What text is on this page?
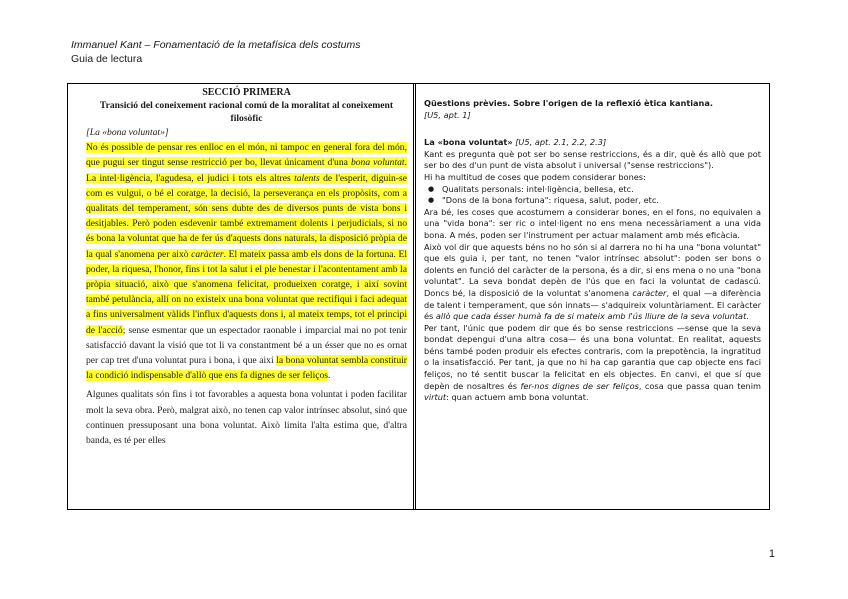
Immanuel Kant – Fonamentació de la metafísica dels costums
Guia de lectura
SECCIÓ PRIMERA
Transició del coneixement racional comú de la moralitat al coneixement filosòfic
[La «bona voluntat»]

No és possible de pensar res enlloc en el món, ni tampoc en general fora del món, que pugui ser tingut sense restricció per bo, llevat únicament d'una bona voluntat. La intel·ligència, l'agudesa, el judici i tots els altres talents de l'esperit, diguin-se com es vulgui, o bé el coratge, la decisió, la perseverança en els propòsits, com a qualitats del temperament, són sens dubte des de diversos punts de vista bons i desitjables. Però poden esdevenir també extremament dolents i perjudicials, si no és bona la voluntat que ha de fer ús d'aquests dons naturals, la disposició pròpia de la qual s'anomena per això caràcter. El mateix passa amb els dons de la fortuna. El poder, la riquesa, l'honor, fins i tot la salut i el ple benestar i l'acontentament amb la pròpia situació, això que s'anomena felicitat, produeixen coratge, i així sovint també petulància, allí on no existeix una bona voluntat que rectifiqui i faci adequat a fins universalment vàlids l'influx d'aquests dons i, al mateix temps, tot el principi de l'acció; sense esmentar que un espectador raonable i imparcial mai no pot tenir satisfacció davant la visió que tot li va constantment bé a un ésser que no es ornat per cap tret d'una voluntat pura i bona, i que així la bona voluntat sembla constituir la condició indispensable d'allò que ens fa dignes de ser feliços.

Algunes qualitats són fins i tot favorables a aquesta bona voluntat i poden facilitar molt la seva obra. Però, malgrat això, no tenen cap valor intrínsec absolut, sinó que continuen pressuposant una bona voluntat. Això limita l'alta estima que, d'altra banda, es té per elles

Qüestions prèvies. Sobre l'origen de la reflexió ètica kantiana.

[U5, apt. 1]

La «bona voluntat» [U5, apt. 2.1, 2.2, 2.3]

Kant es pregunta què pot ser bo sense restriccions, és a dir, què és allò que pot ser bo des d'un punt de vista absolut i universal ("sense restriccions").

Hi ha multitud de coses que podem considerar bones:

● Qualitats personals: intel·ligència, bellesa, etc.
● "Dons de la bona fortuna": riquesa, salut, poder, etc.

Ara bé, les coses que acostumem a considerar bones, en el fons, no equivalen a una "vida bona": ser ric o intel·ligent no ens mena necessàriament a una vida bona. A més, poden ser l'instrument per actuar malament amb més eficàcia.

Això vol dir que aquests béns no ho són si al darrera no hi ha una "bona voluntat" que els guia i, per tant, no tenen "valor intrínsec absolut": poden ser bons o dolents en funció del caràcter de la persona, és a dir, si ens mena o no una "bona voluntat". La seva bondat depèn de l'ús que en faci la voluntat de cadascú. Doncs bé, la disposició de la voluntat s'anomena caràcter, el qual —a diferència de talent i temperament, que són innats— s'adquireix voluntàriament. El caràcter és allò que cada ésser humà fa de si mateix amb l'ús lliure de la seva voluntat.

Per tant, l'únic que podem dir que és bo sense restriccions —sense que la seva bondat depengui d'una altra cosa— és una bona voluntat. En realitat, aquests béns també poden produir els efectes contraris, com la prepotència, la ingratitud o la insatisfacció. Per tant, ja que no hi ha cap garantia que cap objecte ens faci feliços, no té sentit buscar la felicitat en els objectes. En canvi, el que sí que depèn de nosaltres és fer-nos dignes de ser feliços, cosa que passa quan tenim virtut: quan actuem amb bona voluntat.

1
